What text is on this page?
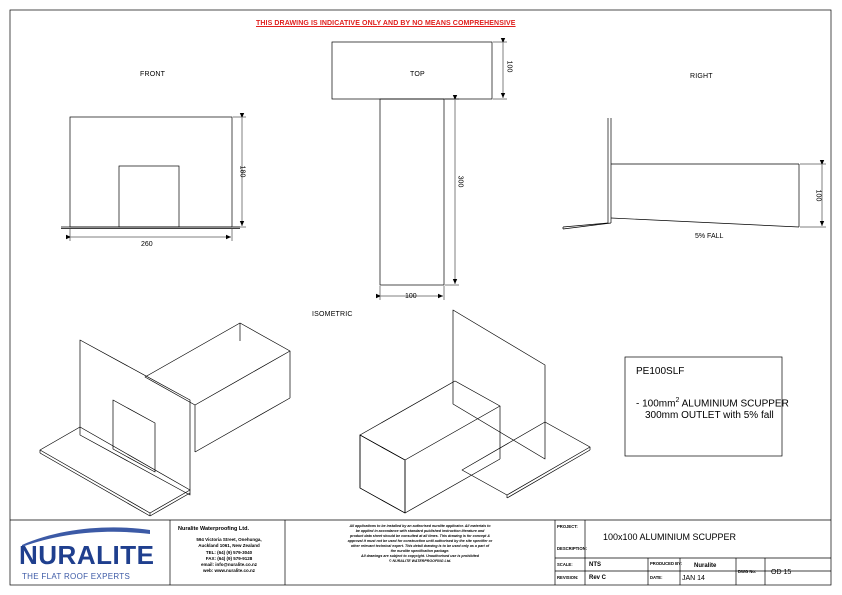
THIS DRAWING IS INDICATIVE ONLY AND BY NO MEANS COMPREHENSIVE
FRONT	TOP	RIGHT
ISOMETRIC
180
260
100
300
100
100
5% FALL
PE100SLF
- $100mm^2$ ALUMINIUM SCUPPER
300mm OUTLET with 5% fall
NURALITE
THE FLAT ROOF EXPERTS
Nuralite Waterproofing Ltd.
594 Victoria Street, Onehunga,
Auckland 1061, New Zealand
TEL: (64) (9) 579-3040
FAX: (64) (9) 579-9128
email: info@nuralite.co.nz
web: www.nuralite.co.nz
All applications to be installed by an authorised nuralite applicator. All materials to
be applied in accordance with standard published instruction literature and
product data sheet should be consulted at all times. This drawing is for concept &
approval it must not be used for construction until authorised by the site specifier or
other relevant technical expert. This detail drawing is to be used only as a part of
the nuralite specification package.
All drawings are subject to copyright. Unauthorised use is prohibited
© NURALITE WATERPROOFING Ltd.
PROJECT:
100x100 ALUMINIUM SCUPPER
DESCRIPTION:
SCALE:	NTS	PRODUCED BY: Nuralite
REVISION: Rev C	DATE:	JAN 14
DWG No: OD 15
